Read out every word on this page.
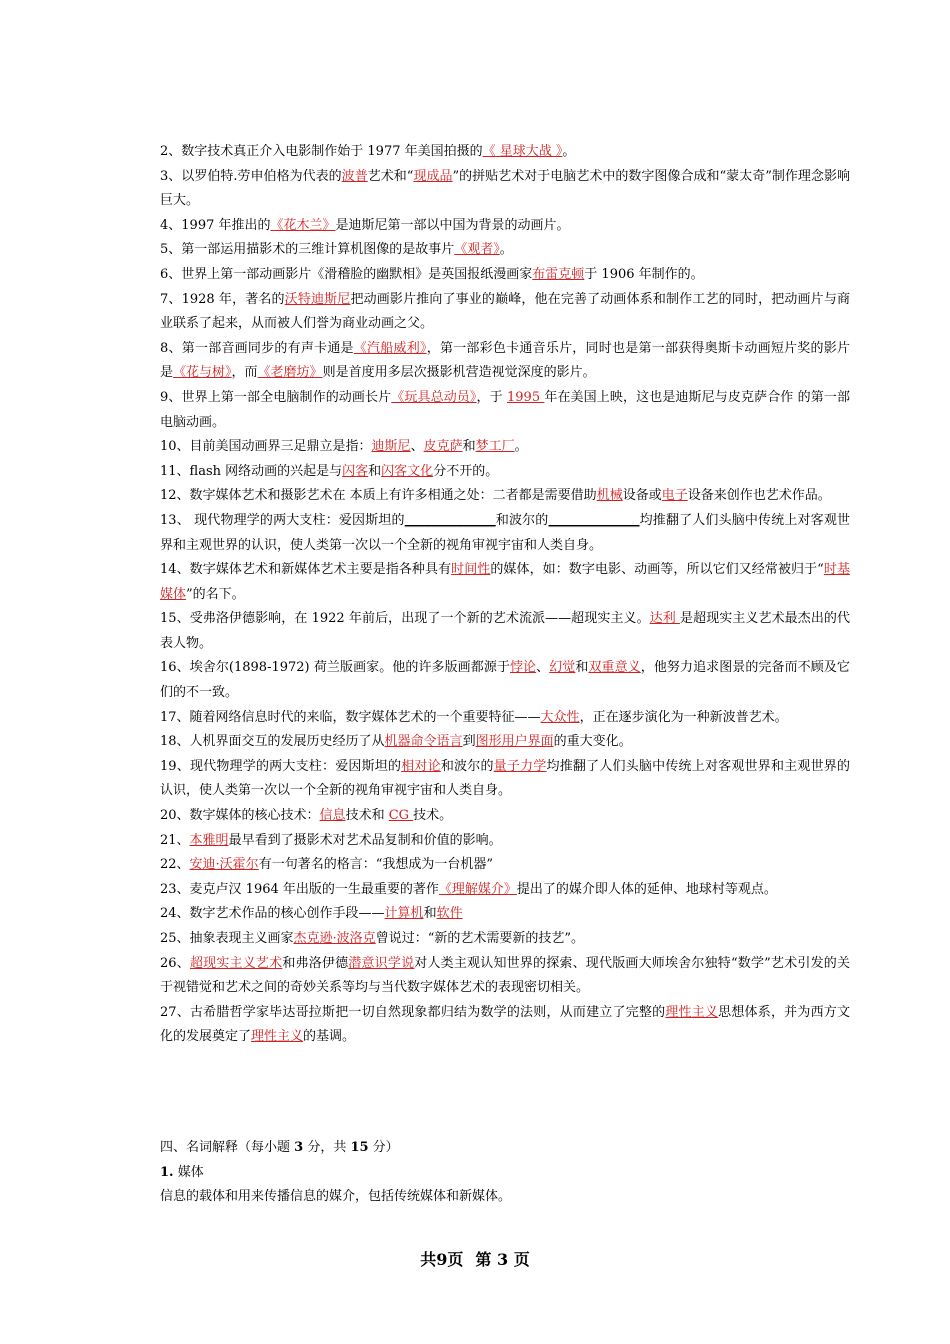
2、数字技术真正介入电影制作始于 1977 年美国拍摄的《 星球大战 》。

3、以罗伯特.劳申伯格为代表的波普艺术和“现成品”的拼贴艺术对于电脑艺术中的数字图像合成和“蒙太奇”制作理念影响巨大。

4、1997 年推出的《花木兰》是迪斯尼第一部以中国为背景的动画片。

5、第一部运用描影术的三维计算机图像的是故事片《观者》。

6、世界上第一部动画影片《滑稽脸的幽默相》是英国报纸漫画家布雷克顿于 1906 年制作的。

7、1928 年，著名的沃特迪斯尼把动画影片推向了事业的巅峰，他在完善了动画体系和制作工艺的同时，把动画片与商业联系了起来，从而被人们誉为商业动画之父。

8、第一部音画同步的有声卡通是《汽船威利》，第一部彩色卡通音乐片，同时也是第一部获得奥斯卡动画短片奖的影片是《花与树》，而《老磨坊》则是首度用多层次摄影机营造视觉深度的影片。

9、世界上第一部全电脑制作的动画长片《玩具总动员》，于 1995 年在美国上映，这也是迪斯尼与皮克萨合作 的第一部电脑动画。

10、目前美国动画界三足鼎立是指：迪斯尼、皮克萨和梦工厂。

11、flash 网络动画的兴起是与闪客和闪客文化分不开的。

12、数字媒体艺术和摄影艺术在 本质上有许多相通之处：二者都是需要借助机械设备或电子设备来创作也艺术作品。

13、 现代物理学的两大支柱：爱因斯坦的______________和波尔的______________均推翻了人们头脑中传统上对客观世界和主观世界的认识，使人类第一次以一个全新的视角审视宇宙和人类自身。

14、数字媒体艺术和新媒体艺术主要是指各种具有时间性的媒体，如：数字电影、动画等，所以它们又经常被归于“时基媒体”的名下。

15、受弗洛伊德影响，在 1922 年前后，出现了一个新的艺术流派——超现实主义。达利 是超现实主义艺术最杰出的代表人物。

16、埃舍尔(1898-1972) 荷兰版画家。他的许多版画都源于悖论、幻觉和双重意义，他努力追求图景的完备而不顾及它们的不一致。

17、随着网络信息时代的来临，数字媒体艺术的一个重要特征——大众性，正在逐步演化为一种新波普艺术。

18、人机界面交互的发展历史经历了从机器命令语言到图形用户界面的重大变化。

19、现代物理学的两大支柱：爱因斯坦的相对论和波尔的量子力学均推翻了人们头脑中传统上对客观世界和主观世界的认识，使人类第一次以一个全新的视角审视宇宙和人类自身。

20、数字媒体的核心技术：信息技术和 CG 技术。

21、本雅明最早看到了摄影术对艺术品复制和价值的影响。

22、安迪·沃霍尔有一句著名的格言：“我想成为一台机器”

23、麦克卢汉 1964 年出版的一生最重要的著作《理解媒介》提出了的媒介即人体的延伸、地球村等观点。

24、数字艺术作品的核心创作手段——计算机和软件

25、抽象表现主义画家杰克逊·波洛克曾说过：“新的艺术需要新的技艺”。

26、超现实主义艺术和弗洛伊德潜意识学说对人类主观认知世界的探索、现代版画大师埃舍尔独特“数学”艺术引发的关于视错觉和艺术之间的奇妙关系等均与当代数字媒体艺术的表现密切相关。

27、古希腊哲学家毕达哥拉斯把一切自然现象都归结为数学的法则，从而建立了完整的理性主义思想体系，并为西方文化的发展奠定了理性主义的基调。

四、名词解释（每小题 3 分，共 15 分）
1. 媒体
信息的载体和用来传播信息的媒介，包括传统媒体和新媒体。
共9页 第 3 页
